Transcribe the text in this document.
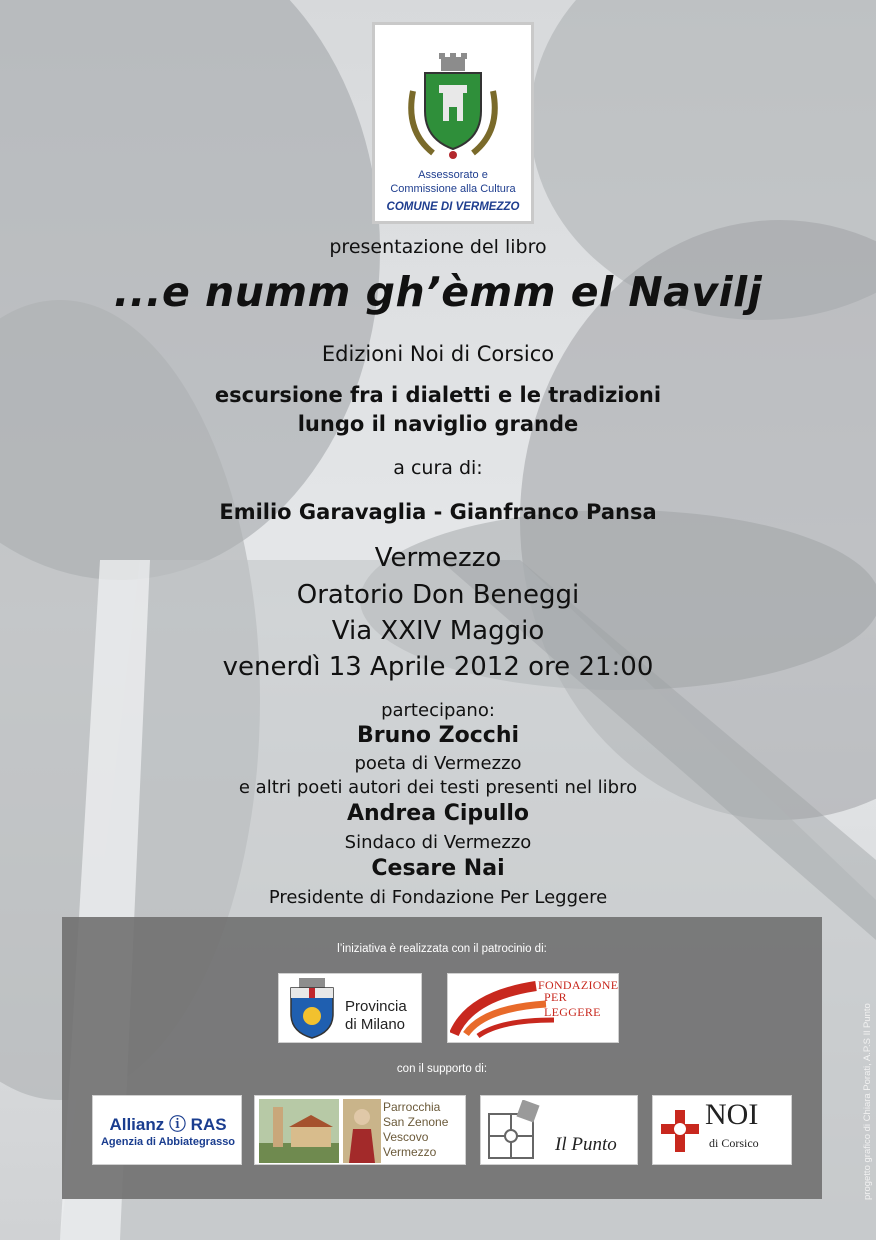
Assessorato e
Commissione alla Cultura
COMUNE DI VERMEZZO
presentazione del libro
...e numm gh’èmm el Navilj
Edizioni Noi di Corsico
escursione fra i dialetti e le tradizioni
lungo il naviglio grande
a cura di:
Emilio Garavaglia - Gianfranco Pansa
Vermezzo
Oratorio Don Beneggi
Via XXIV Maggio
venerdì 13 Aprile 2012 ore 21:00
partecipano:
Bruno Zocchi
poeta di Vermezzo
e altri poeti autori dei testi presenti nel libro
Andrea Cipullo
Sindaco di Vermezzo
Cesare Nai
Presidente di Fondazione Per Leggere
l’iniziativa è realizzata con il patrocinio di:
Provincia
di Milano
FONDAZIONE
PER LEGGERE
con il supporto di:
Allianz ⓘ RAS
Agenzia di Abbiategrasso
Parrocchia
San Zenone
Vescovo
Vermezzo	Il Punto
NOI
di Corsico	progetto grafico di Chiara Porati, A.P.S Il Punto
